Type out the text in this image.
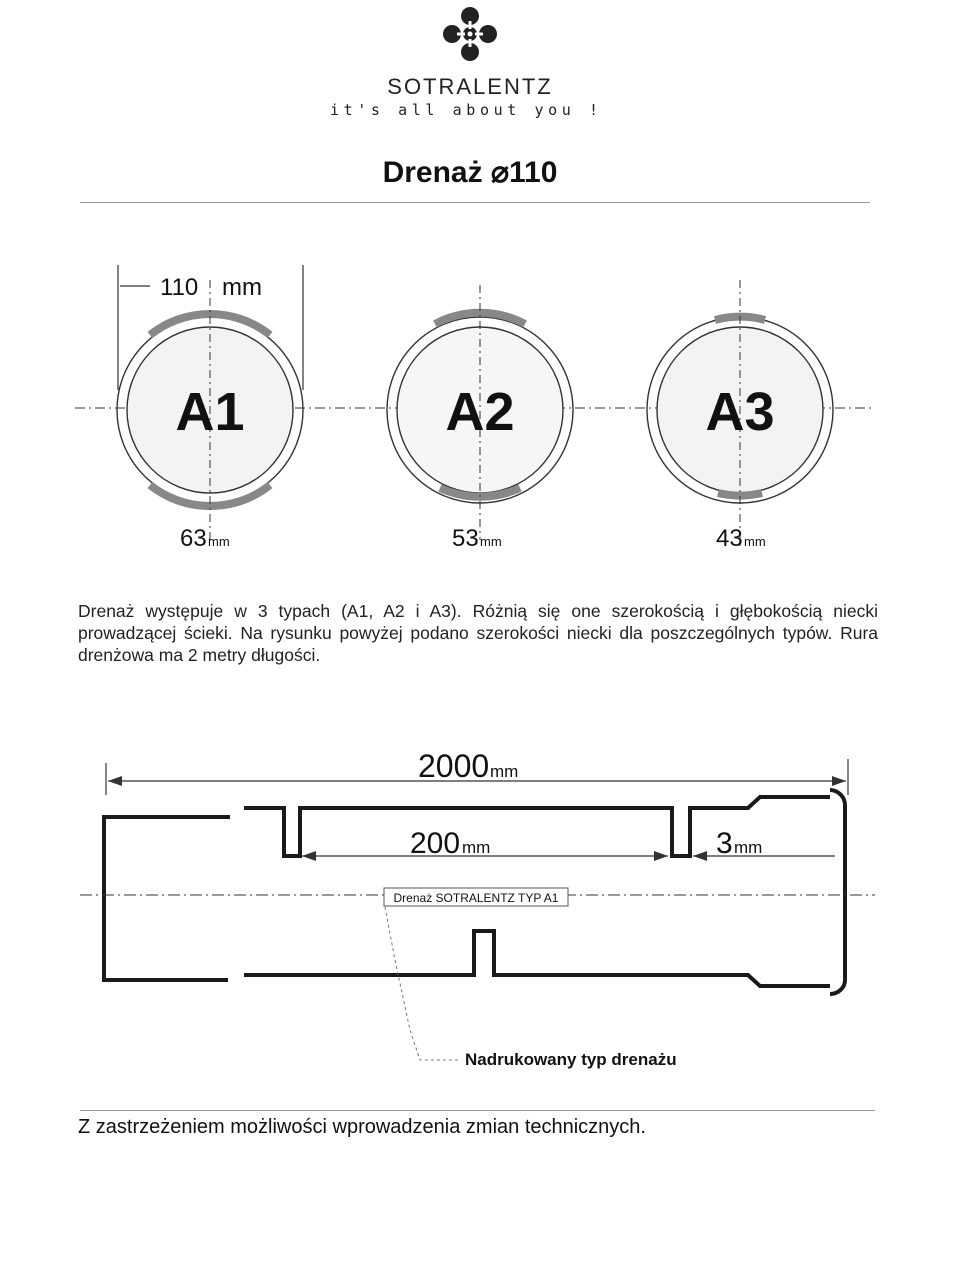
SOTRALENTZ
it's all about you !
Drenaż ⌀110
110 mm
A1
63 mm
A2
53 mm
A3
43 mm
Drenaż występuje w 3 typach (A1, A2 i A3). Różnią się one szerokością i głębokością niecki prowadzącej ścieki. Na rysunku powyżej podano szerokości niecki dla poszczególnych typów. Rura drenżowa ma 2 metry długości.
2000 mm
200 mm	3 mm
Drenaż SOTRALENTZ TYP A1
Nadrukowany typ drenażu
Z zastrzeżeniem możliwości wprowadzenia zmian technicznych.
